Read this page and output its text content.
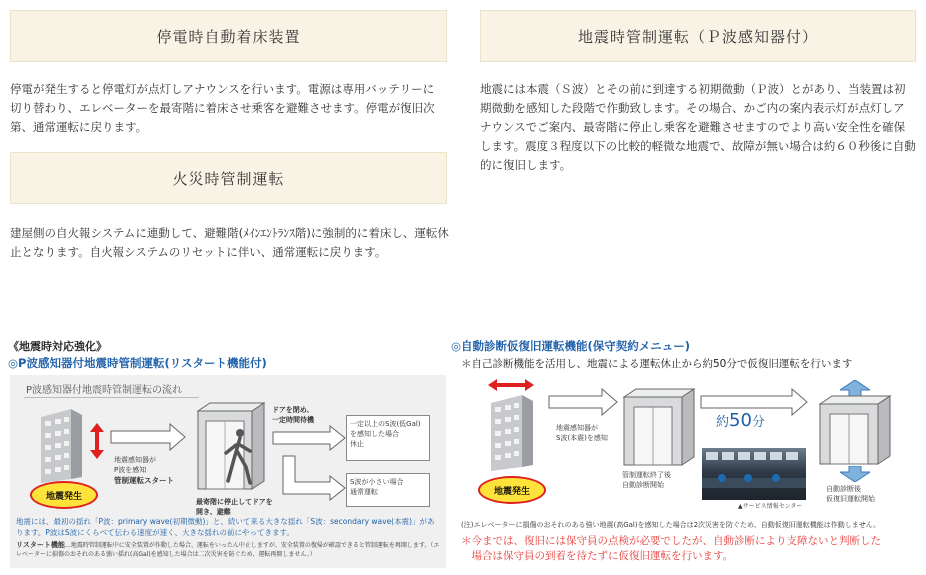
停電時自動着床装置
停電が発生すると停電灯が点灯しアナウンスを行います。電源は専用バッテリーに切り替わり、エレベーターを最寄階に着床させ乗客を避難させます。停電が復旧次第、通常運転に戻ります。
火災時管制運転
建屋側の自火報システムに連動して、避難階(ﾒｲﾝｴﾝﾄﾗﾝｽ階)に強制的に着床し、運転休止となります。自火報システムのリセットに伴い、通常運転に戻ります。
地震時管制運転（Ｐ波感知器付）
地震には本震（Ｓ波）とその前に到達する初期微動（Ｐ波）とがあり、当装置は初期微動を感知した段階で作動致します。その場合、かご内の案内表示灯が点灯しアナウンスでご案内、最寄階に停止し乗客を避難させますのでより高い安全性を確保します。震度３程度以下の比較的軽微な地震で、故障が無い場合は約６０秒後に自動的に復旧します。
《地震時対応強化》
◎P波感知器付地震時管制運転(リスタート機能付)
P波感知器付地震時管制運転の流れ
地震発生
地震感知器が
P波を感知
管制運転スタート
最寄階に停止してドアを
開き、避難
ドアを閉め、
一定時間待機	一定以上のS波(低Gal)
を感知した場合
休止
S波が小さい場合
通常運転
地震には、最初の揺れ「P波：primary wave(初期微動)」と、続いて来る大きな揺れ「S波：secondary wave(本震)」があります。P波はS波にくらべて伝わる速度が速く、大きな揺れの前にやってきます。
リスタート機能…地震時管制運転中に安全装置が作動した場合、運転をいったん中止しますが、安全装置の復帰が確認できると管制運転を再開します。（エレベーターに損傷のおそれのある強い揺れ(高Gal)を感知した場合は二次災害を防ぐため、運転再開しません。）
◎自動診断仮復旧運転機能(保守契約メニュー)
＊自己診断機能を活用し、地震による運転休止から約50分で仮復旧運転を行います
地震発生
地震感知器が
S波(本震)を感知
管制運転終了後
自動診断開始
約50分
▲サービス情報センター
自動診断後
仮復旧運転開始
(注)エレベーターに損傷のおそれのある強い地震(高Gal)を感知した場合は2次災害を防ぐため、自動仮復旧運転機能は作動しません。
＊今までは、復旧には保守員の点検が必要でしたが、自動診断により支障ないと判断した
　場合は保守員の到着を待たずに仮復旧運転を行います。
